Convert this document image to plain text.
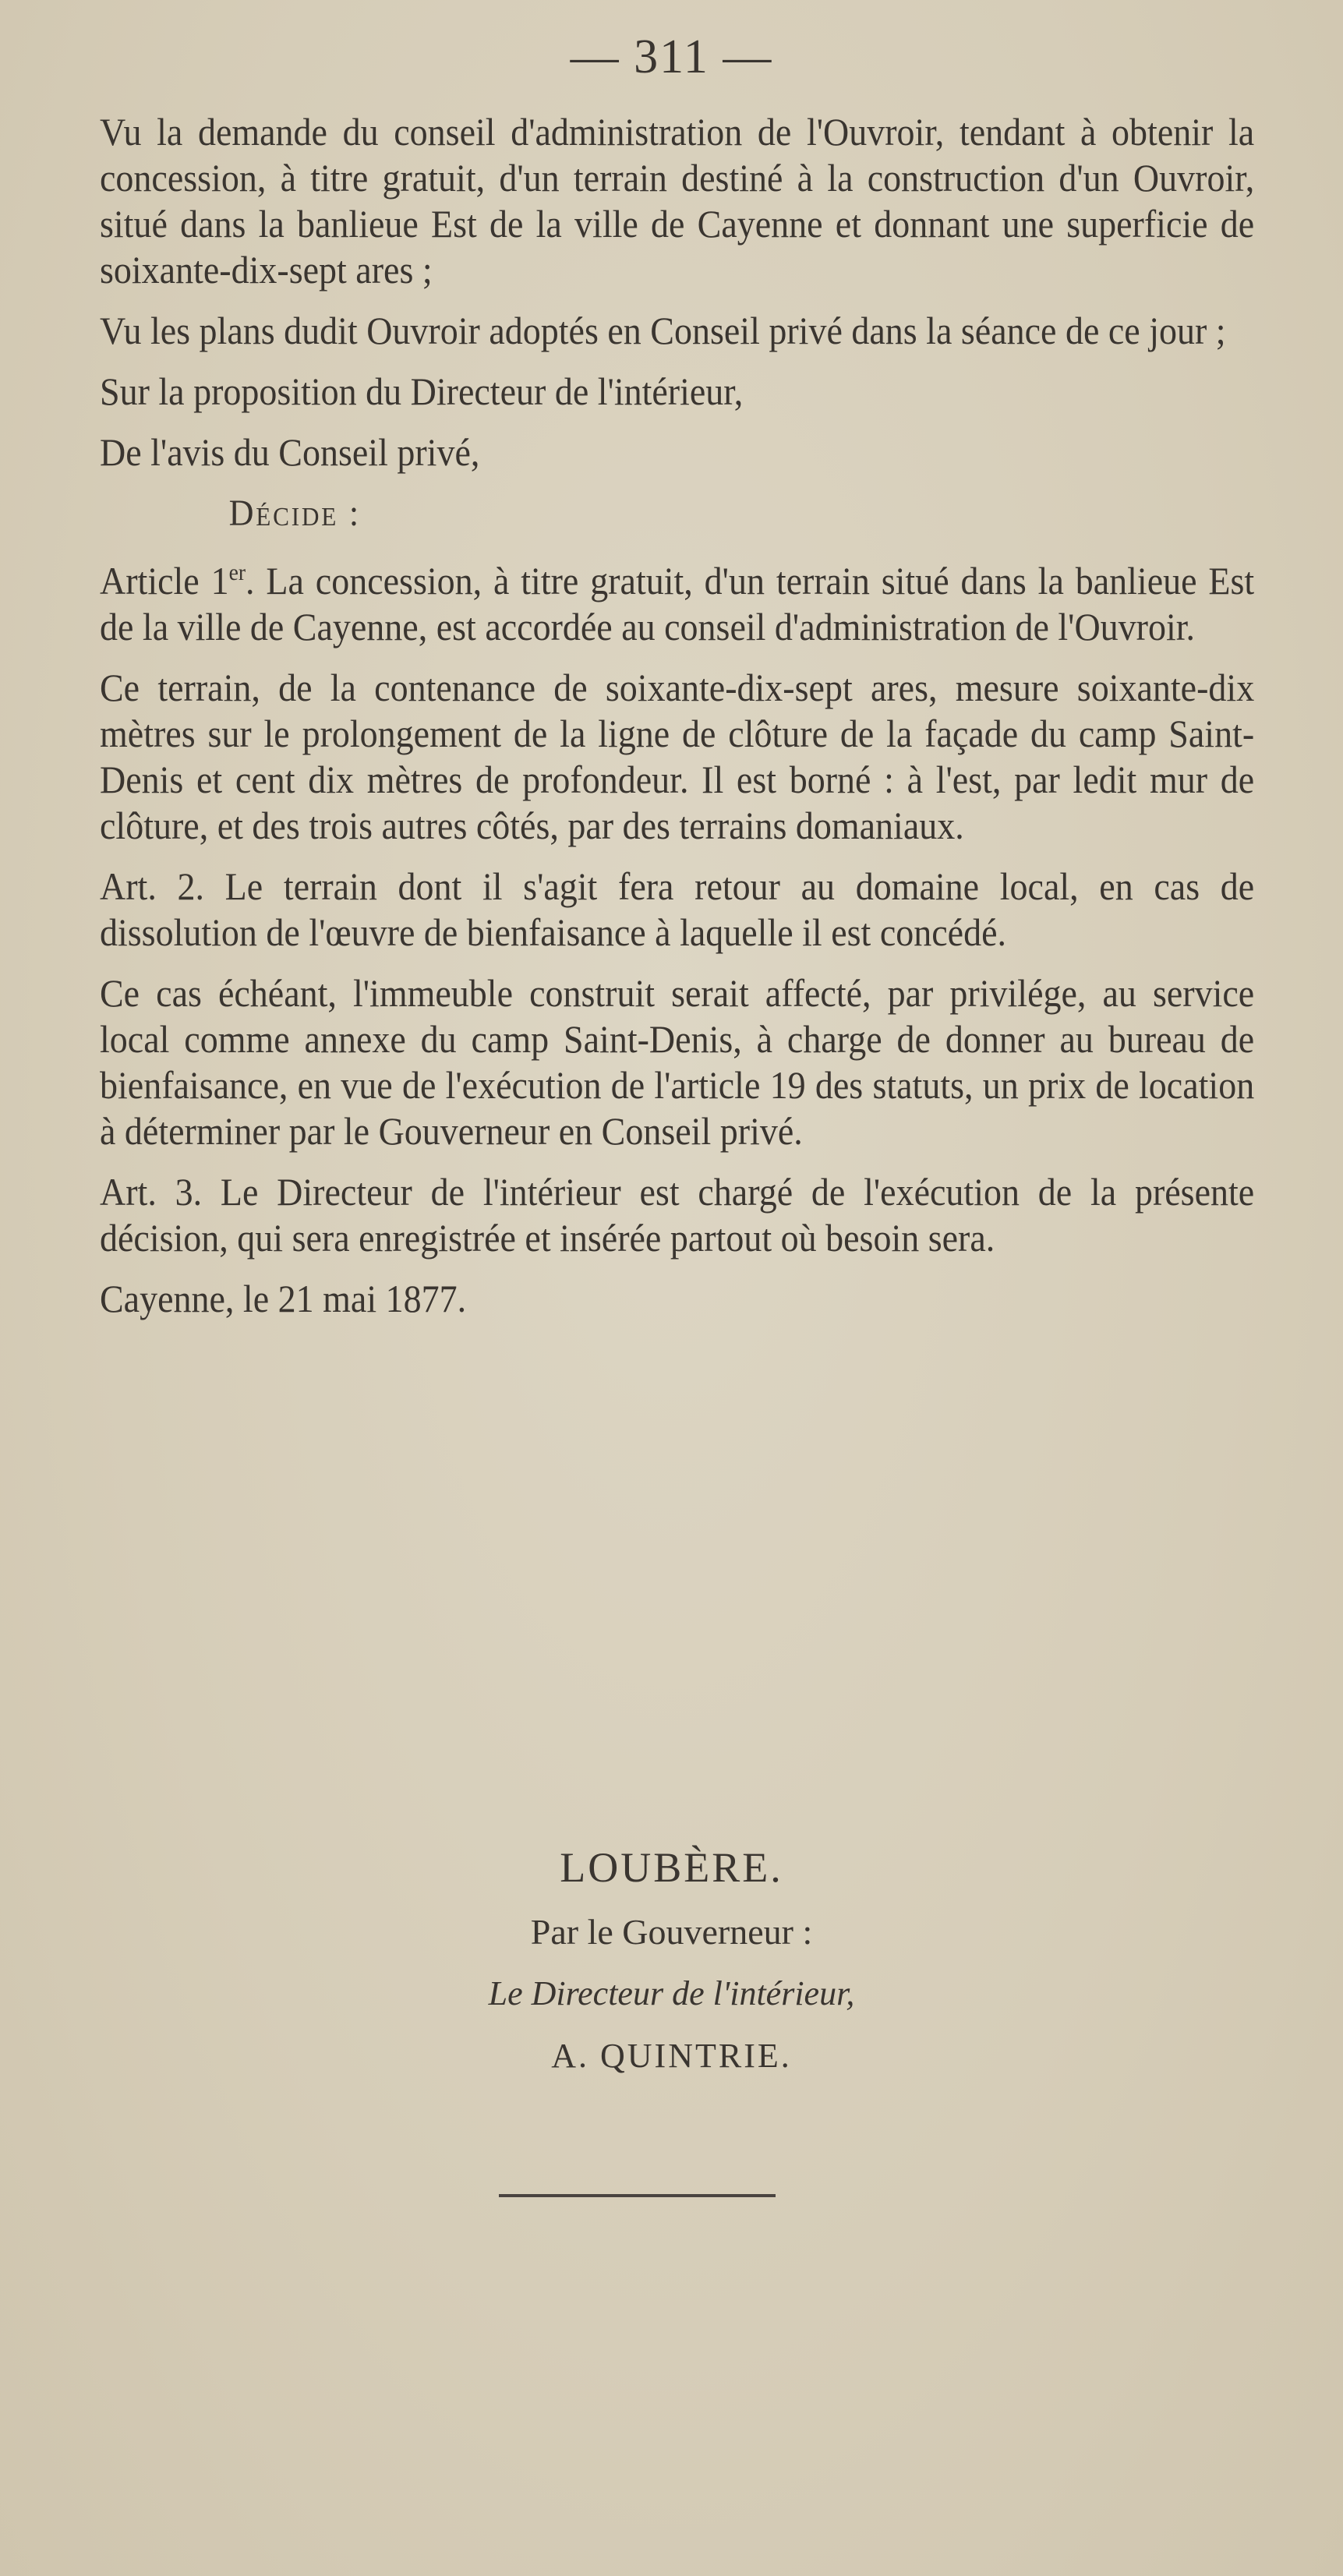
— 311 —

Vu la demande du conseil d'administration de l'Ouvroir, tendant à obtenir la concession, à titre gratuit, d'un terrain destiné à la construction d'un Ouvroir, situé dans la banlieue Est de la ville de Cayenne et donnant une superficie de soixante-dix-sept ares ;

Vu les plans dudit Ouvroir adoptés en Conseil privé dans la séance de ce jour ;

Sur la proposition du Directeur de l'intérieur,

De l'avis du Conseil privé,

Décide :

Article 1er. La concession, à titre gratuit, d'un terrain situé dans la banlieue Est de la ville de Cayenne, est accordée au conseil d'administration de l'Ouvroir.

Ce terrain, de la contenance de soixante-dix-sept ares, mesure soixante-dix mètres sur le prolongement de la ligne de clôture de la façade du camp Saint-Denis et cent dix mètres de profondeur. Il est borné : à l'est, par ledit mur de clôture, et des trois autres côtés, par des terrains domaniaux.

Art. 2. Le terrain dont il s'agit fera retour au domaine local, en cas de dissolution de l'œuvre de bienfaisance à laquelle il est concédé.

Ce cas échéant, l'immeuble construit serait affecté, par privilége, au service local comme annexe du camp Saint-Denis, à charge de donner au bureau de bienfaisance, en vue de l'exécution de l'article 19 des statuts, un prix de location à déterminer par le Gouverneur en Conseil privé.

Art. 3. Le Directeur de l'intérieur est chargé de l'exécution de la présente décision, qui sera enregistrée et insérée partout où besoin sera.

Cayenne, le 21 mai 1877.

LOUBÈRE.
Par le Gouverneur :
Le Directeur de l'intérieur,
A. QUINTRIE.
